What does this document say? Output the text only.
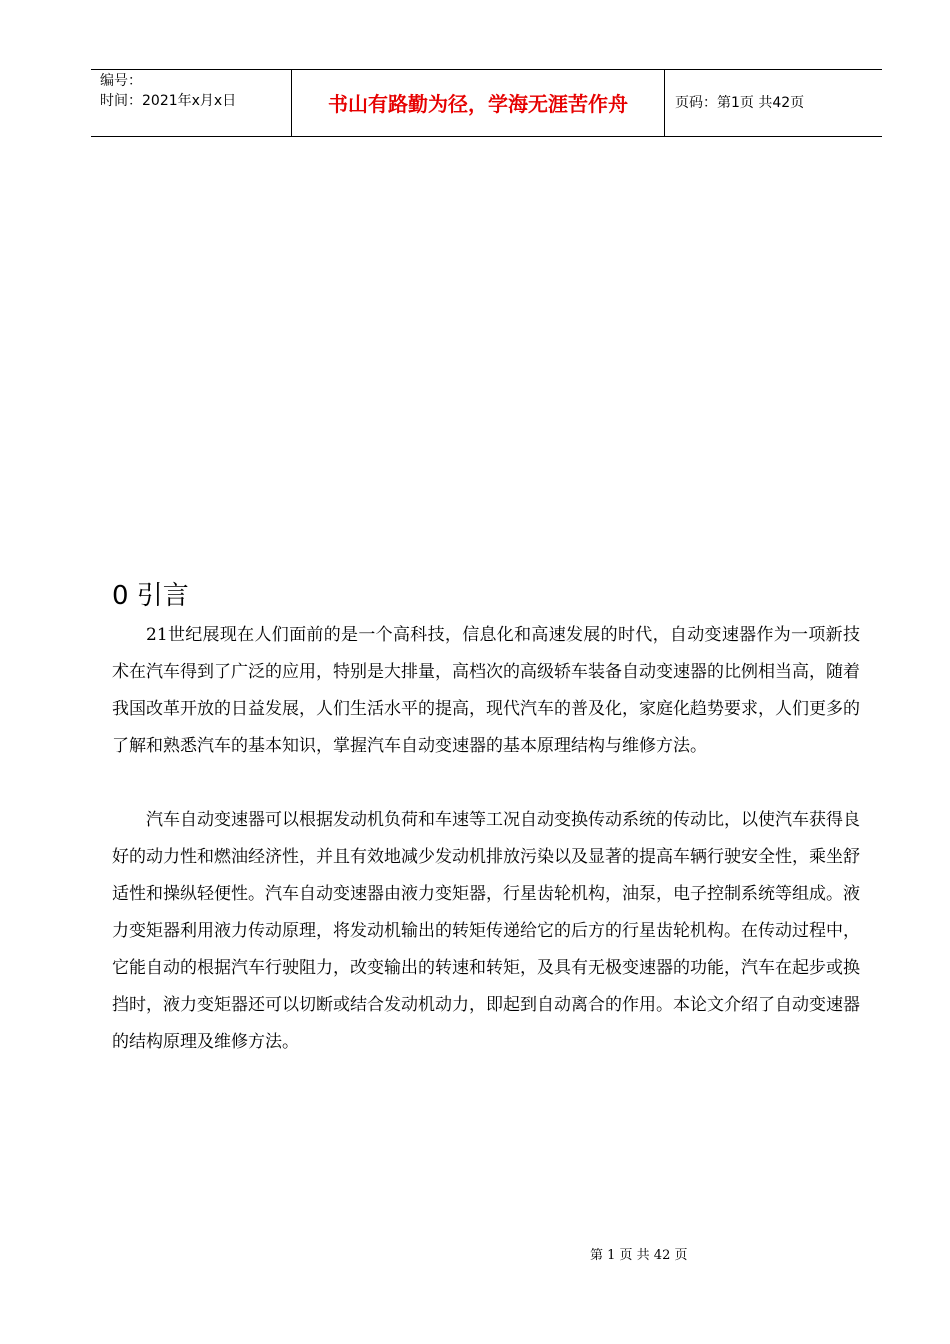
编号：
时间：2021年x月x日	书山有路勤为径，学海无涯苦作舟	页码：第1页 共42页
0 引言
21世纪展现在人们面前的是一个高科技，信息化和高速发展的时代，自动变速器作为一项新技术在汽车得到了广泛的应用，特别是大排量，高档次的高级轿车装备自动变速器的比例相当高，随着我国改革开放的日益发展，人们生活水平的提高，现代汽车的普及化，家庭化趋势要求，人们更多的了解和熟悉汽车的基本知识，掌握汽车自动变速器的基本原理结构与维修方法。
汽车自动变速器可以根据发动机负荷和车速等工况自动变换传动系统的传动比，以使汽车获得良好的动力性和燃油经济性，并且有效地减少发动机排放污染以及显著的提高车辆行驶安全性，乘坐舒适性和操纵轻便性。汽车自动变速器由液力变矩器，行星齿轮机构，油泵，电子控制系统等组成。液力变矩器利用液力传动原理，将发动机输出的转矩传递给它的后方的行星齿轮机构。在传动过程中，它能自动的根据汽车行驶阻力，改变输出的转速和转矩，及具有无极变速器的功能，汽车在起步或换挡时，液力变矩器还可以切断或结合发动机动力，即起到自动离合的作用。本论文介绍了自动变速器的结构原理及维修方法。
第 1 页 共 42 页
